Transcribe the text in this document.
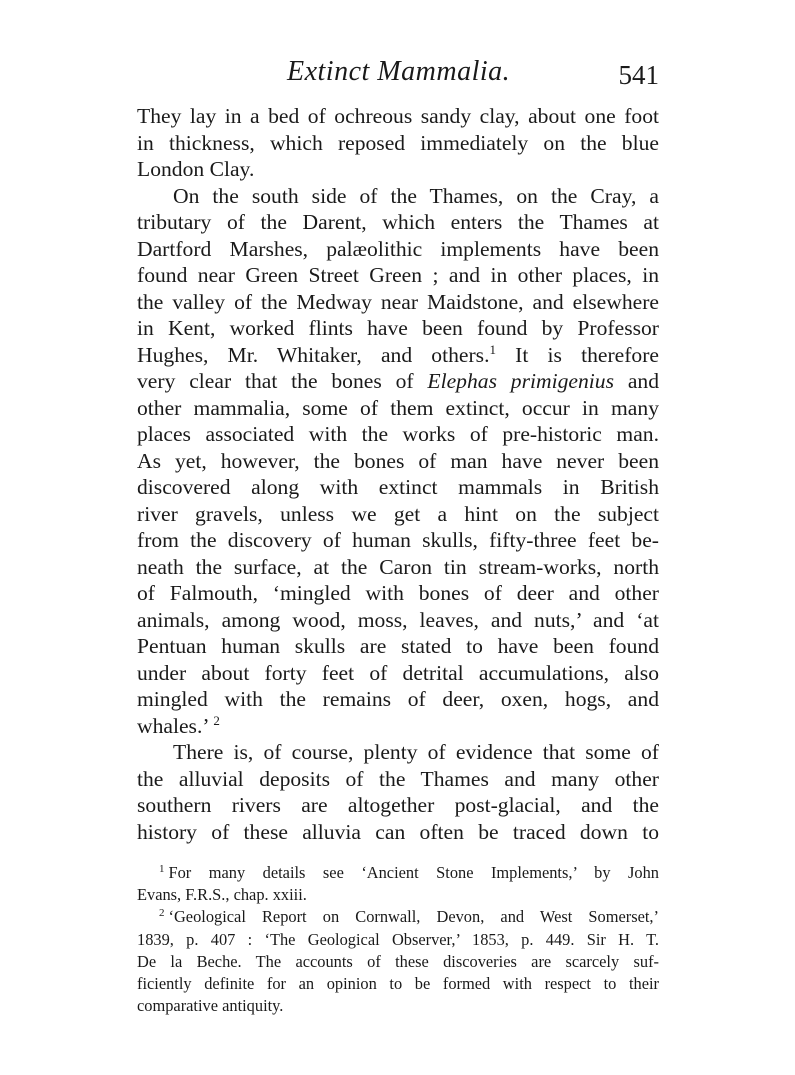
Extinct Mammalia.	541
They lay in a bed of ochreous sandy clay, about one foot
in thickness, which reposed immediately on the blue
London Clay.
On the south side of the Thames, on the Cray, a
tributary of the Darent, which enters the Thames at
Dartford Marshes, palæolithic implements have been
found near Green Street Green ; and in other places, in
the valley of the Medway near Maidstone, and elsewhere
in Kent, worked flints have been found by Professor
Hughes, Mr. Whitaker, and others.$^1$ It is therefore
very clear that the bones of Elephas primigenius and
other mammalia, some of them extinct, occur in many
places associated with the works of pre-historic man.
As yet, however, the bones of man have never been
discovered along with extinct mammals in British
river gravels, unless we get a hint on the subject
from the discovery of human skulls, fifty-three feet be-
neath the surface, at the Caron tin stream-works, north
of Falmouth, ‘mingled with bones of deer and other
animals, among wood, moss, leaves, and nuts,’ and ‘at
Pentuan human skulls are stated to have been found
under about forty feet of detrital accumulations, also
mingled with the remains of deer, oxen, hogs, and
whales.’ $^2$
There is, of course, plenty of evidence that some of
the alluvial deposits of the Thames and many other
southern rivers are altogether post-glacial, and the
history of these alluvia can often be traced down to
$^1$ For many details see ‘Ancient Stone Implements,’ by John
Evans, F.R.S., chap. xxiii.
$^2$ ‘Geological Report on Cornwall, Devon, and West Somerset,’
1839, p. 407 : ‘The Geological Observer,’ 1853, p. 449. Sir H. T.
De la Beche. The accounts of these discoveries are scarcely suf-
ficiently definite for an opinion to be formed with respect to their
comparative antiquity.
